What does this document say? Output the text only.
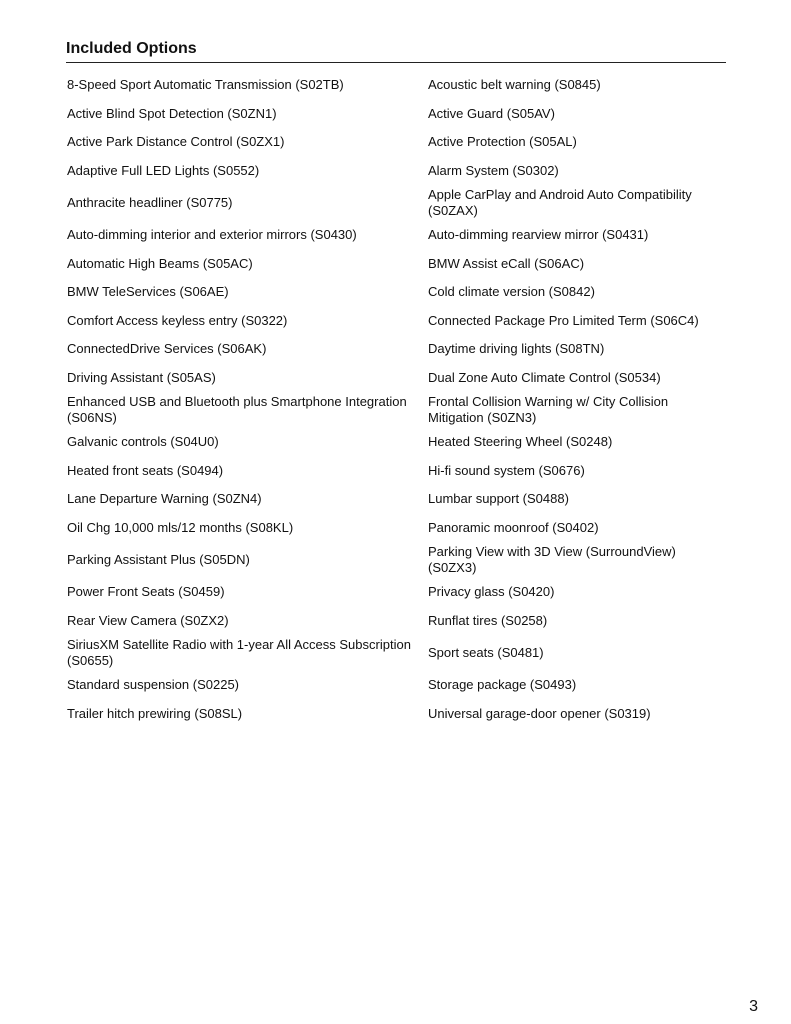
Included Options
8-Speed Sport Automatic Transmission (S02TB)	Acoustic belt warning (S0845)
Active Blind Spot Detection (S0ZN1)	Active Guard (S05AV)
Active Park Distance Control (S0ZX1)	Active Protection (S05AL)
Adaptive Full LED Lights (S0552)	Alarm System (S0302)
Anthracite headliner (S0775)	Apple CarPlay and Android Auto Compatibility (S0ZAX)
Auto-dimming interior and exterior mirrors (S0430)	Auto-dimming rearview mirror (S0431)
Automatic High Beams (S05AC)	BMW Assist eCall (S06AC)
BMW TeleServices (S06AE)	Cold climate version (S0842)
Comfort Access keyless entry (S0322)	Connected Package Pro Limited Term (S06C4)
ConnectedDrive Services (S06AK)	Daytime driving lights (S08TN)
Driving Assistant (S05AS)	Dual Zone Auto Climate Control (S0534)
Enhanced USB and Bluetooth plus Smartphone Integration (S06NS)	Frontal Collision Warning w/ City Collision Mitigation (S0ZN3)
Galvanic controls (S04U0)	Heated Steering Wheel (S0248)
Heated front seats (S0494)	Hi-fi sound system (S0676)
Lane Departure Warning (S0ZN4)	Lumbar support (S0488)
Oil Chg 10,000 mls/12 months (S08KL)	Panoramic moonroof (S0402)
Parking Assistant Plus (S05DN)	Parking View with 3D View (SurroundView) (S0ZX3)
Power Front Seats (S0459)	Privacy glass (S0420)
Rear View Camera (S0ZX2)	Runflat tires (S0258)
SiriusXM Satellite Radio with 1-year All Access Subscription (S0655)	Sport seats (S0481)
Standard suspension (S0225)	Storage package (S0493)
Trailer hitch prewiring (S08SL)	Universal garage-door opener (S0319)
3
